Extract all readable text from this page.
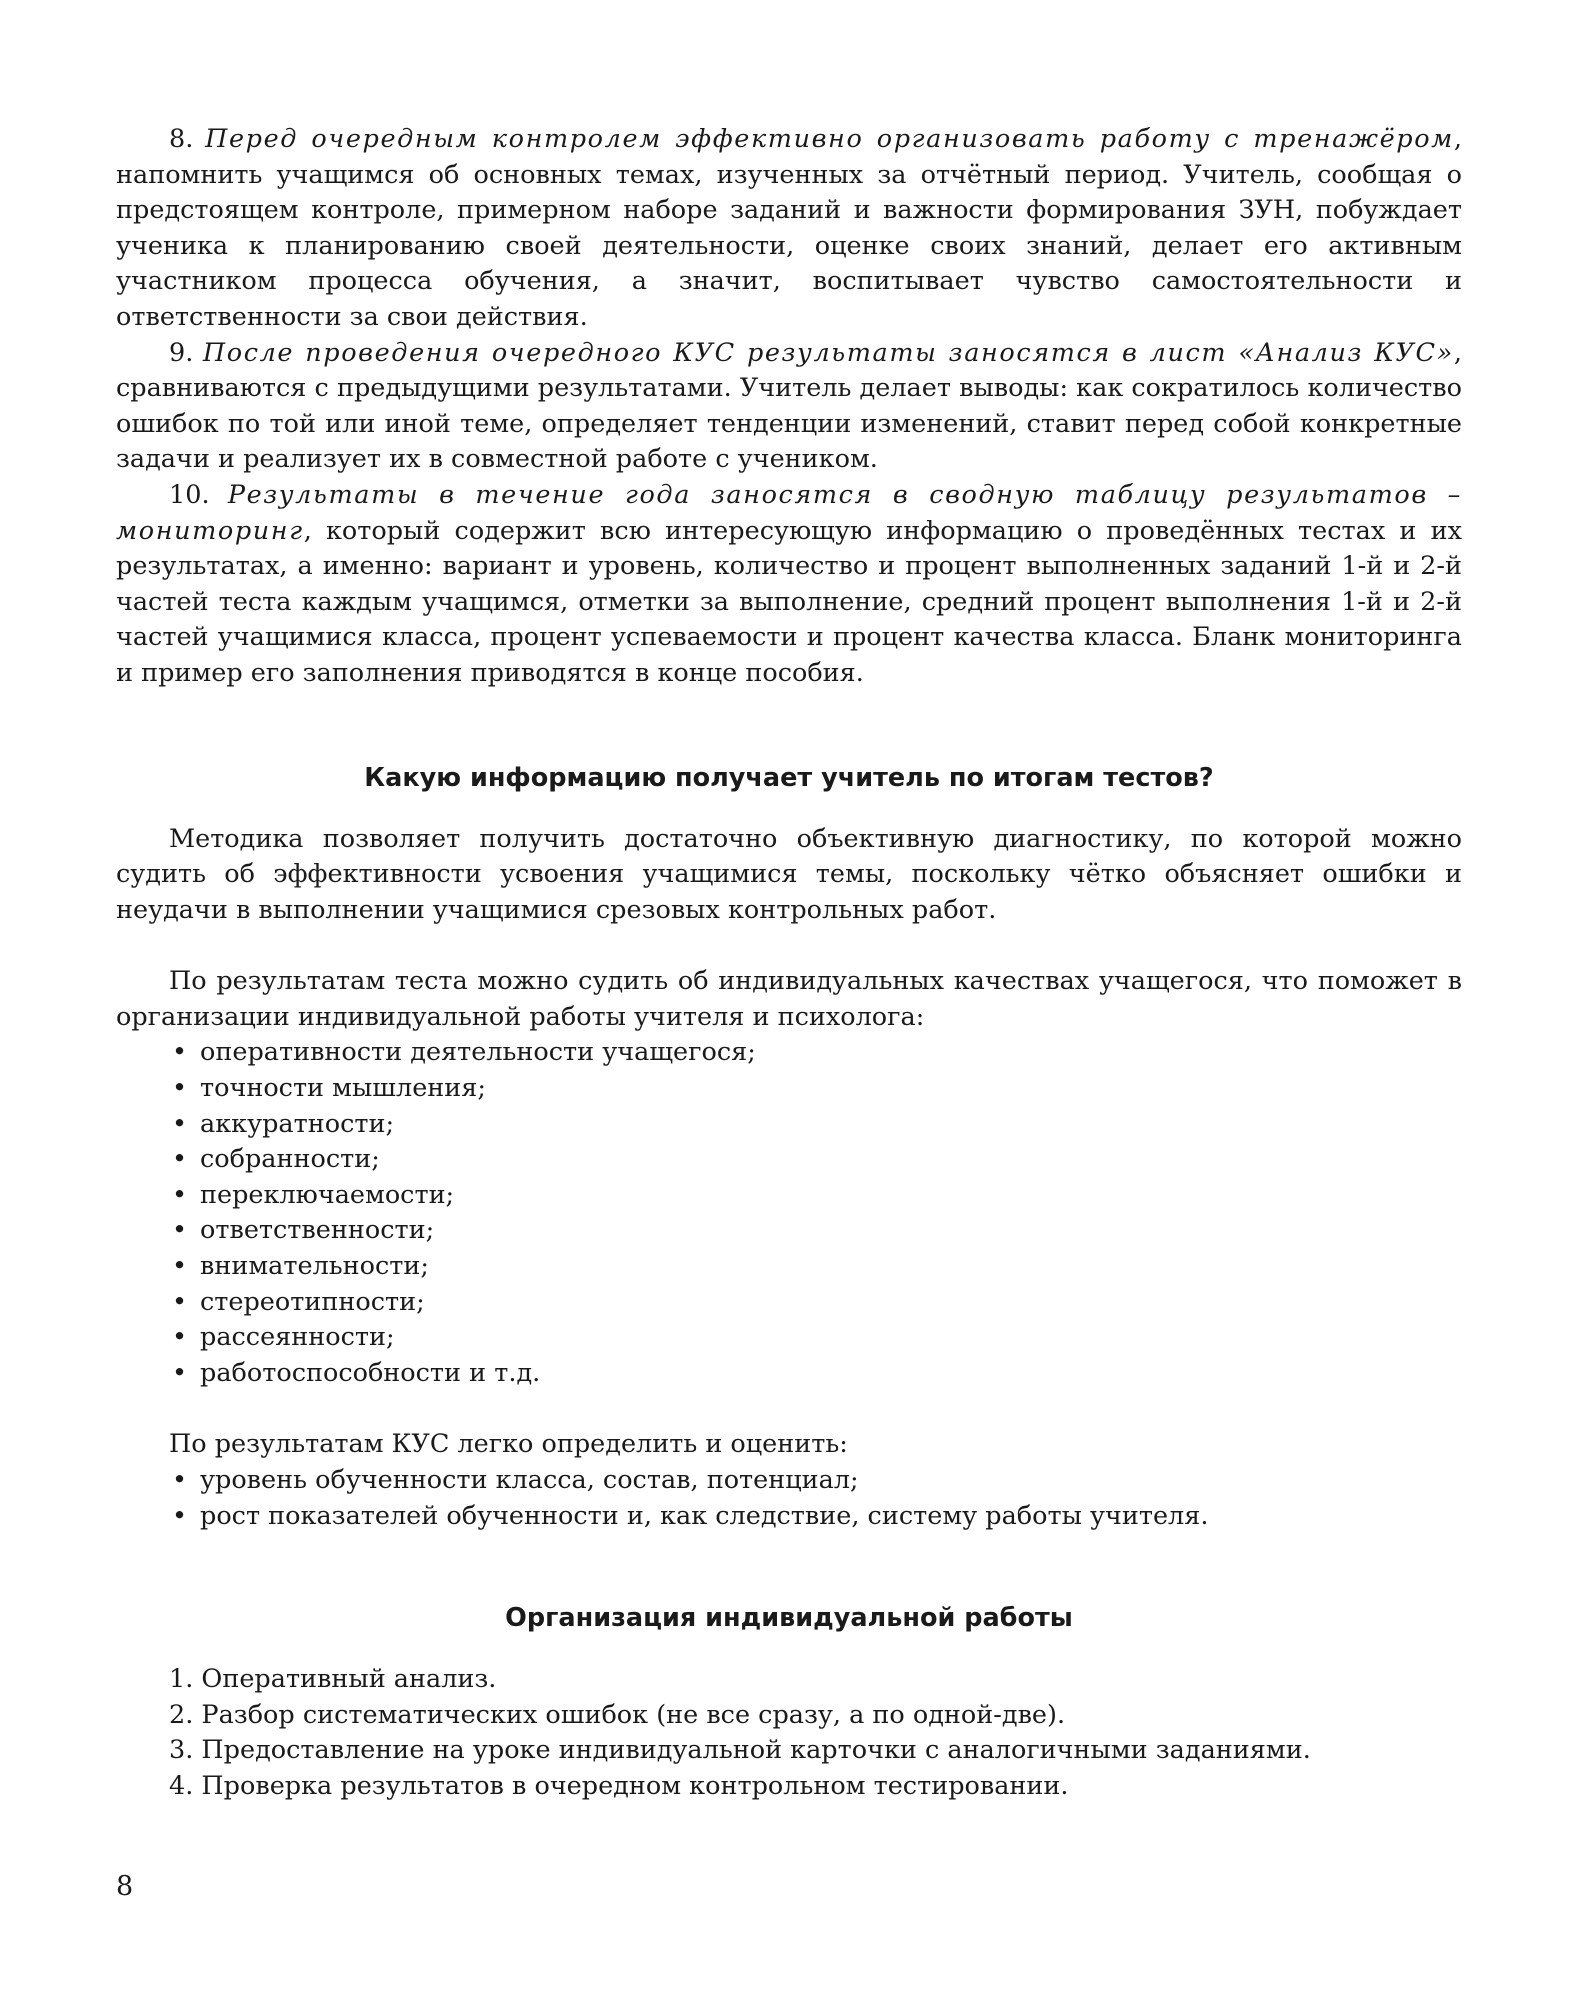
8. Перед очередным контролем эффективно организовать работу с тренажёром, напомнить учащимся об основных темах, изученных за отчётный период. Учитель, сообщая о предстоящем контроле, примерном наборе заданий и важности формирования ЗУН, побуждает ученика к планированию своей деятельности, оценке своих знаний, делает его активным участником процесса обучения, а значит, воспитывает чувство самостоятельности и ответственности за свои действия.

9. После проведения очередного КУС результаты заносятся в лист «Анализ КУС», сравниваются с предыдущими результатами. Учитель делает выводы: как сократилось количество ошибок по той или иной теме, определяет тенденции изменений, ставит перед собой конкретные задачи и реализует их в совместной работе с учеником.

10. Результаты в течение года заносятся в сводную таблицу результатов – мониторинг, который содержит всю интересующую информацию о проведённых тестах и их результатах, а именно: вариант и уровень, количество и процент выполненных заданий 1-й и 2-й частей теста каждым учащимся, отметки за выполнение, средний процент выполнения 1-й и 2-й частей учащимися класса, процент успеваемости и процент качества класса. Бланк мониторинга и пример его заполнения приводятся в конце пособия.

Какую информацию получает учитель по итогам тестов?

Методика позволяет получить достаточно объективную диагностику, по которой можно судить об эффективности усвоения учащимися темы, поскольку чётко объясняет ошибки и неудачи в выполнении учащимися срезовых контрольных работ.

По результатам теста можно судить об индивидуальных качествах учащегося, что поможет в организации индивидуальной работы учителя и психолога:

• оперативности деятельности учащегося;
• точности мышления;
• аккуратности;
• собранности;
• переключаемости;
• ответственности;
• внимательности;
• стереотипности;
• рассеянности;
• работоспособности и т.д.

По результатам КУС легко определить и оценить:

• уровень обученности класса, состав, потенциал;
• рост показателей обученности и, как следствие, систему работы учителя.
Организация индивидуальной работы
1. Оперативный анализ.
2. Разбор систематических ошибок (не все сразу, а по одной-две).
3. Предоставление на уроке индивидуальной карточки с аналогичными заданиями.
4. Проверка результатов в очередном контрольном тестировании.
8
